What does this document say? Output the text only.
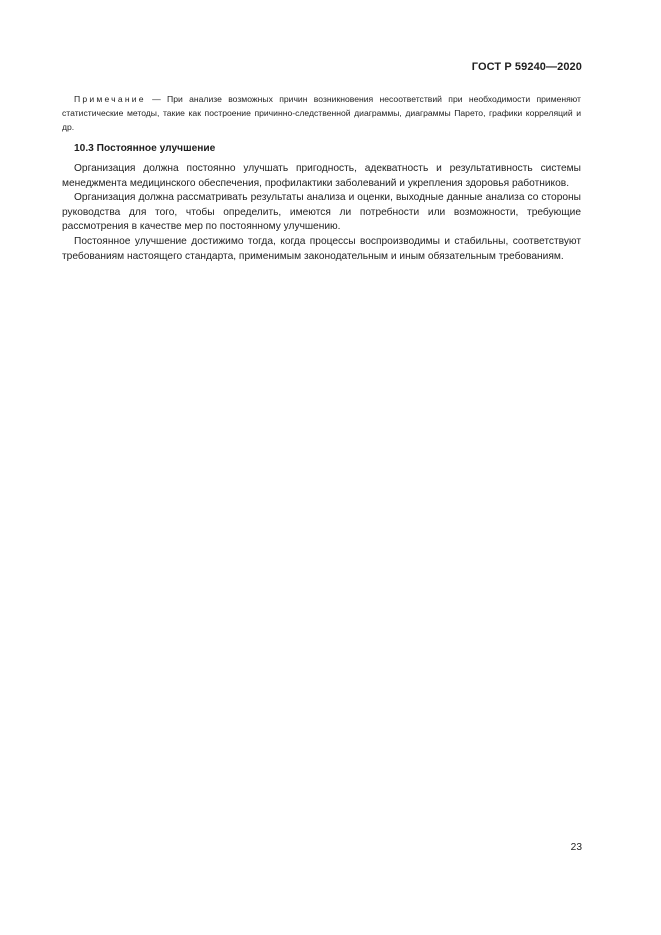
ГОСТ Р 59240—2020

Примечание — При анализе возможных причин возникновения несоответствий при необходимости применяют статистические методы, такие как построение причинно-следственной диаграммы, диаграммы Парето, графики корреляций и др.

10.3 Постоянное улучшение

Организация должна постоянно улучшать пригодность, адекватность и результативность системы менеджмента медицинского обеспечения, профилактики заболеваний и укрепления здоровья работников.

Организация должна рассматривать результаты анализа и оценки, выходные данные анализа со стороны руководства для того, чтобы определить, имеются ли потребности или возможности, требующие рассмотрения в качестве мер по постоянному улучшению.

Постоянное улучшение достижимо тогда, когда процессы воспроизводимы и стабильны, соответствуют требованиям настоящего стандарта, применимым законодательным и иным обязательным требованиям.

23
